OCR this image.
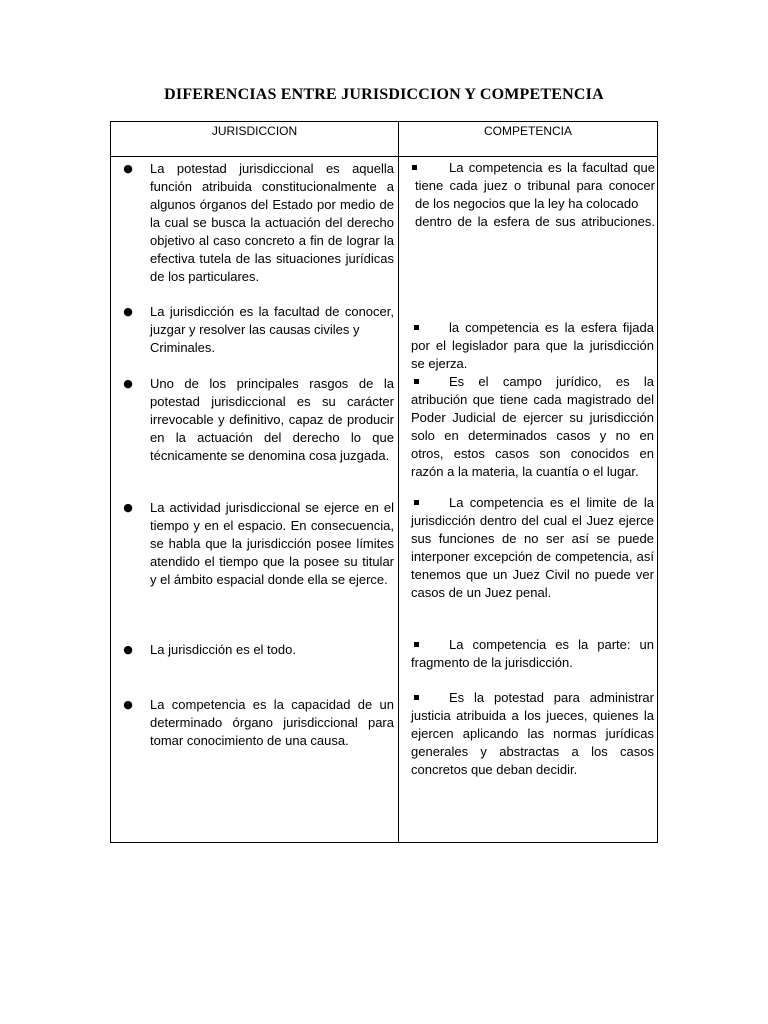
DIFERENCIAS ENTRE JURISDICCION Y COMPETENCIA
JURISDICCION	COMPETENCIA
● La potestad jurisdiccional es aquella función atribuida constitucionalmente a algunos órganos del Estado por medio de la cual se busca la actuación del derecho objetivo al caso concreto a fin de lograr la efectiva tutela de las situaciones jurídicas de los particulares.
● La jurisdicción es la facultad de conocer, juzgar y resolver las causas civiles y
Criminales.
● Uno de los principales rasgos de la potestad jurisdiccional es su carácter irrevocable y definitivo, capaz de producir en la actuación del derecho lo que técnicamente se denomina cosa juzgada.
● La actividad jurisdiccional se ejerce en el tiempo y en el espacio. En consecuencia, se habla que la jurisdicción posee límites atendido el tiempo que la posee su titular y el ámbito espacial donde ella se ejerce.
● La jurisdicción es el todo.
● La competencia es la capacidad de un determinado órgano jurisdiccional para tomar conocimiento de una causa.
La competencia es la facultad que tiene cada juez o tribunal para conocer de los negocios que la ley ha colocado
dentro de la esfera de sus atribuciones.
la competencia es la esfera fijada por el legislador para que la jurisdicción se ejerza.
Es el campo jurídico, es la atribución que tiene cada magistrado del Poder Judicial de ejercer su jurisdicción solo en determinados casos y no en otros, estos casos son conocidos en razón a la materia, la cuantía o el lugar.
La competencia es el limite de la jurisdicción dentro del cual el Juez ejerce sus funciones de no ser así se puede interponer excepción de competencia, así tenemos que un Juez Civil no puede ver casos de un Juez penal.
La competencia es la parte: un fragmento de la jurisdicción.
Es la potestad para administrar justicia atribuida a los jueces, quienes la ejercen aplicando las normas jurídicas generales y abstractas a los casos concretos que deban decidir.
